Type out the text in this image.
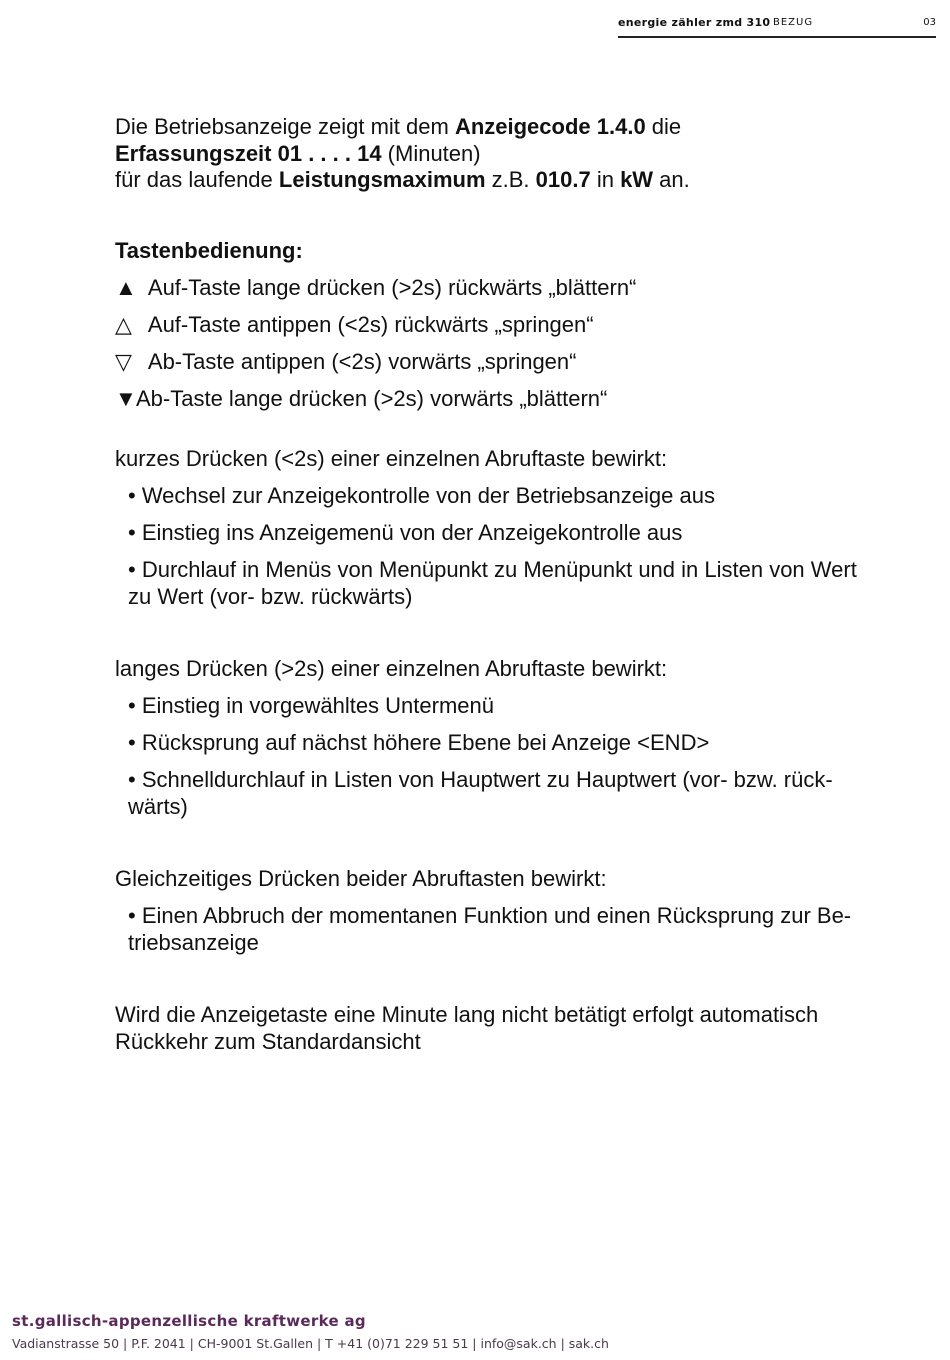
energie zähler zmd 310 BEZUG	03

Die Betriebsanzeige zeigt mit dem Anzeigecode 1.4.0 die

Erfassungszeit 01 . . . . 14 (Minuten)

für das laufende Leistungsmaximum z.B. 010.7 in kW an.

Tastenbedienung:

▲ Auf-Taste lange drücken (>2s) rückwärts „blättern“

△ Auf-Taste antippen (<2s) rückwärts „springen“

▽ Ab-Taste antippen (<2s) vorwärts „springen“

▼Ab-Taste lange drücken (>2s) vorwärts „blättern“

kurzes Drücken (<2s) einer einzelnen Abruftaste bewirkt:

• Wechsel zur Anzeigekontrolle von der Betriebsanzeige aus

• Einstieg ins Anzeigemenü von der Anzeigekontrolle aus

• Durchlauf in Menüs von Menüpunkt zu Menüpunkt und in Listen von Wert zu Wert (vor- bzw. rückwärts)

langes Drücken (>2s) einer einzelnen Abruftaste bewirkt:

• Einstieg in vorgewähltes Untermenü

• Rücksprung auf nächst höhere Ebene bei Anzeige <END>

• Schnelldurchlauf in Listen von Hauptwert zu Hauptwert (vor- bzw. rück-wärts)

Gleichzeitiges Drücken beider Abruftasten bewirkt:

• Einen Abbruch der momentanen Funktion und einen Rücksprung zur Be-triebsanzeige

Wird die Anzeigetaste eine Minute lang nicht betätigt erfolgt automatisch Rückkehr zum Standardansicht

st.gallisch-appenzellische kraftwerke ag
Vadianstrasse 50 | P.F. 2041 | CH-9001 St.Gallen | T +41 (0)71 229 51 51 | info@sak.ch | sak.ch
